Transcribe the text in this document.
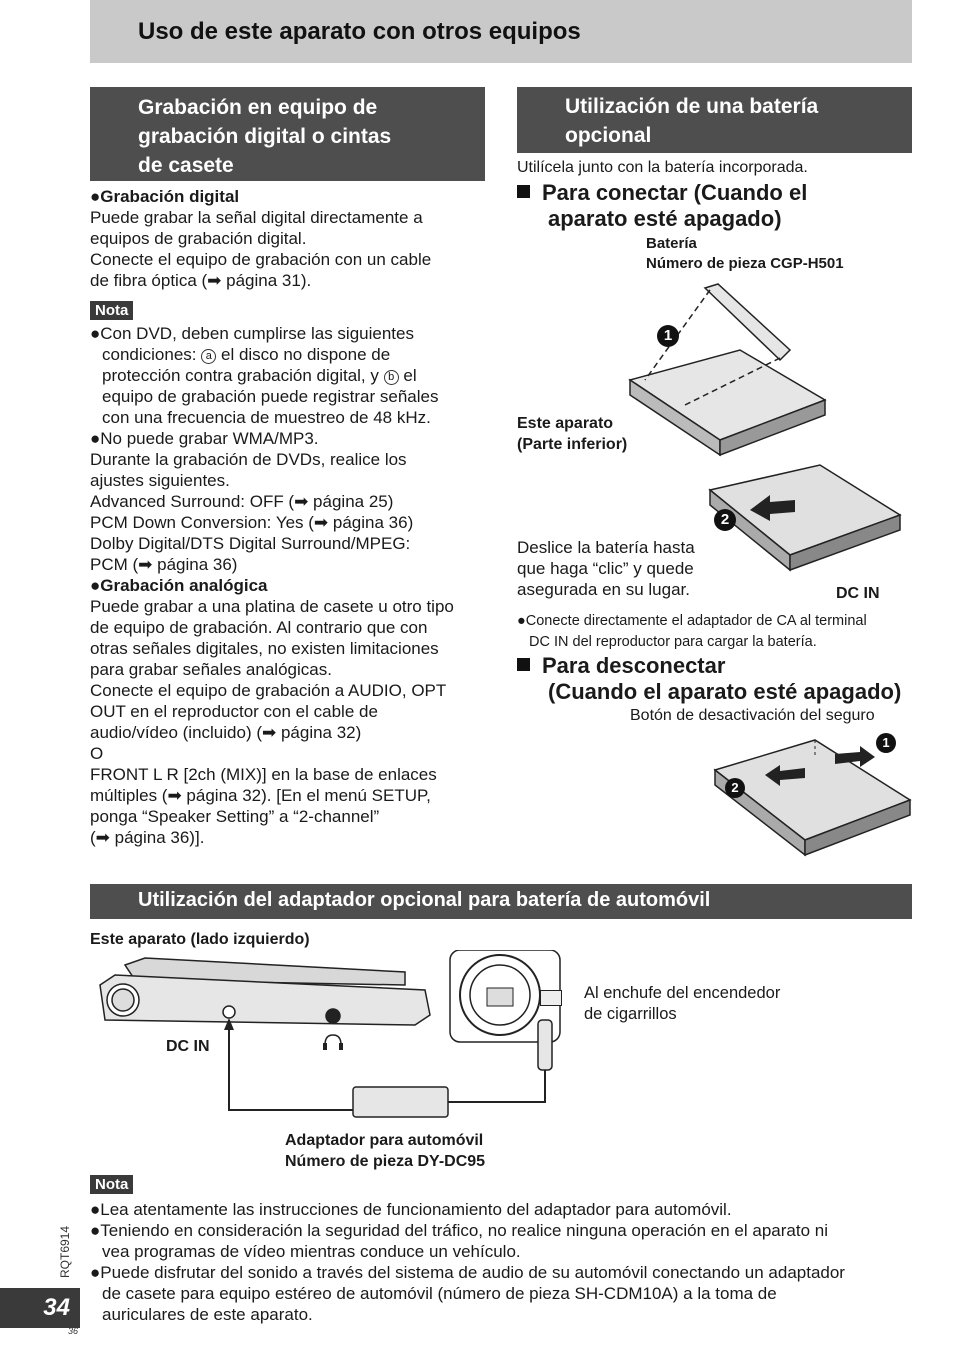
Uso de este aparato con otros equipos
Grabación en equipo de
grabación digital o cintas
de casete
●Grabación digital
Puede grabar la señal digital directamente a
equipos de grabación digital.
Conecte el equipo de grabación con un cable
de fibra óptica (➡ página 31).
Nota
●Con DVD, deben cumplirse las siguientes
condiciones: a el disco no dispone de
protección contra grabación digital, y b el
equipo de grabación puede registrar señales
con una frecuencia de muestreo de 48 kHz.
●No puede grabar WMA/MP3.
Durante la grabación de DVDs, realice los
ajustes siguientes.
Advanced Surround: OFF (➡ página 25)
PCM Down Conversion: Yes (➡ página 36)
Dolby Digital/DTS Digital Surround/MPEG:
PCM (➡ página 36)
●Grabación analógica
Puede grabar a una platina de casete u otro tipo
de equipo de grabación. Al contrario que con
otras señales digitales, no existen limitaciones
para grabar señales analógicas.
Conecte el equipo de grabación a AUDIO, OPT
OUT en el reproductor con el cable de
audio/vídeo (incluido) (➡ página 32)
O
FRONT L R [2ch (MIX)] en la base de enlaces
múltiples (➡ página 32). [En el menú SETUP,
ponga “Speaker Setting” a “2-channel”
(➡ página 36)].
Utilización de una batería
opcional
Utilícela junto con la batería incorporada.
Para conectar (Cuando el
aparato esté apagado)
Batería
Número de pieza CGP-H501
1
2
Este aparato
(Parte inferior)
Deslice la batería hasta
que haga “clic” y quede
asegurada en su lugar.	DC IN
●Conecte directamente el adaptador de CA al terminal
DC IN del reproductor para cargar la batería.
Para desconectar
(Cuando el aparato esté apagado)
Botón de desactivación del seguro
1
2
Utilización del adaptador opcional para batería de automóvil
Este aparato (lado izquierdo)
Al enchufe del encendedor
de cigarrillos
DC IN
Adaptador para automóvil
Número de pieza DY-DC95
Nota
●Lea atentamente las instrucciones de funcionamiento del adaptador para automóvil.
●Teniendo en consideración la seguridad del tráfico, no realice ninguna operación en el aparato ni
vea programas de vídeo mientras conduce un vehículo.
●Puede disfrutar del sonido a través del sistema de audio de su automóvil conectando un adaptador
de casete para equipo estéreo de automóvil (número de pieza SH-CDM10A) a la toma de
auriculares de este aparato.
RQT6914
34
36
